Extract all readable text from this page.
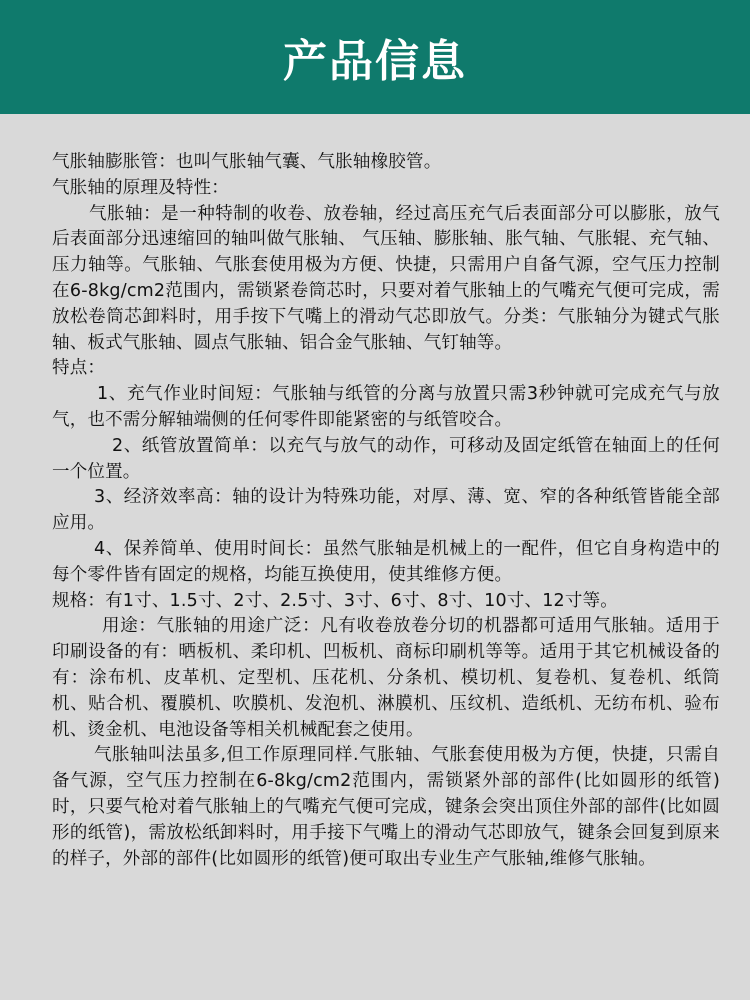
产品信息

气胀轴膨胀管：也叫气胀轴气囊、气胀轴橡胶管。

气胀轴的原理及特性：

气胀轴：是一种特制的收卷、放卷轴，经过高压充气后表面部分可以膨胀，放气后表面部分迅速缩回的轴叫做气胀轴、 气压轴、膨胀轴、胀气轴、气胀辊、充气轴、压力轴等。气胀轴、气胀套使用极为方便、快捷，只需用户自备气源，空气压力控制在6-8kg/cm2范围内，需锁紧卷筒芯时，只要对着气胀轴上的气嘴充气便可完成，需放松卷筒芯卸料时，用手按下气嘴上的滑动气芯即放气。分类：气胀轴分为键式气胀轴、板式气胀轴、圆点气胀轴、铝合金气胀轴、气钉轴等。

特点：

1、充气作业时间短：气胀轴与纸管的分离与放置只需3秒钟就可完成充气与放气，也不需分解轴端侧的任何零件即能紧密的与纸管咬合。

2、纸管放置简单：以充气与放气的动作，可移动及固定纸管在轴面上的任何一个位置。

3、经济效率高：轴的设计为特殊功能，对厚、薄、宽、窄的各种纸管皆能全部应用。

4、保养简单、使用时间长：虽然气胀轴是机械上的一配件，但它自身构造中的每个零件皆有固定的规格，均能互换使用，使其维修方便。

规格：有1寸、1.5寸、2寸、2.5寸、3寸、6寸、8寸、10寸、12寸等。

用途：气胀轴的用途广泛：凡有收卷放卷分切的机器都可适用气胀轴。适用于印刷设备的有：晒板机、柔印机、凹板机、商标印刷机等等。适用于其它机械设备的有：涂布机、皮革机、定型机、压花机、分条机、模切机、复卷机、复卷机、纸筒机、贴合机、覆膜机、吹膜机、发泡机、淋膜机、压纹机、造纸机、无纺布机、验布机、烫金机、电池设备等相关机械配套之使用。

气胀轴叫法虽多,但工作原理同样.气胀轴、气胀套使用极为方便，快捷，只需自备气源，空气压力控制在6-8kg/cm2范围内，需锁紧外部的部件(比如圆形的纸管)时，只要气枪对着气胀轴上的气嘴充气便可完成，键条会突出顶住外部的部件(比如圆形的纸管)，需放松纸卸料时，用手接下气嘴上的滑动气芯即放气，键条会回复到原来的样子，外部的部件(比如圆形的纸管)便可取出专业生产气胀轴,维修气胀轴。
